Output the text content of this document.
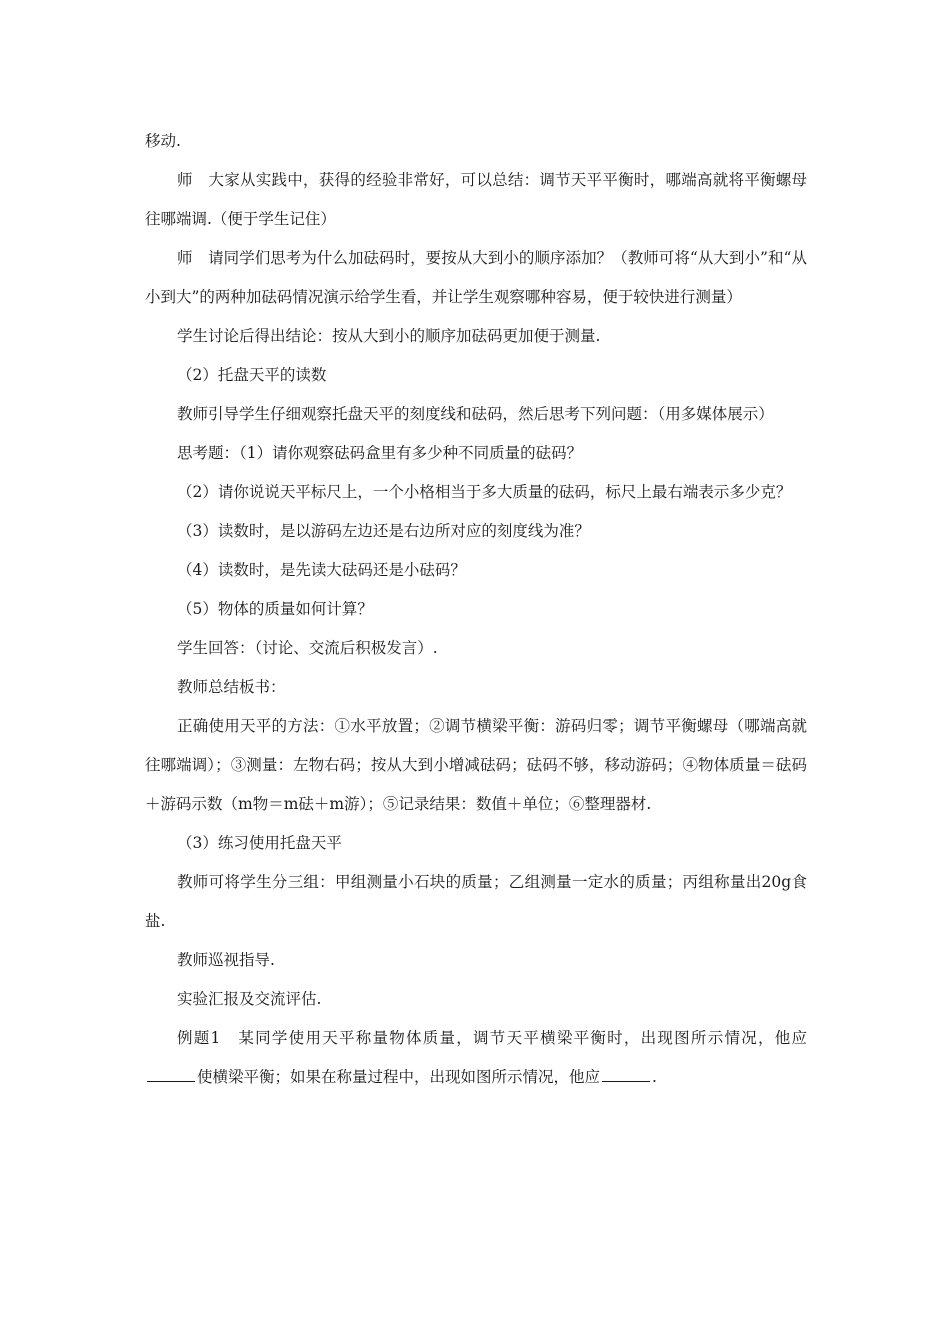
移动.

师　大家从实践中，获得的经验非常好，可以总结：调节天平平衡时，哪端高就将平衡螺母往哪端调.（便于学生记住）

师　请同学们思考为什么加砝码时，要按从大到小的顺序添加？（教师可将“从大到小”和“从小到大”的两种加砝码情况演示给学生看，并让学生观察哪种容易，便于较快进行测量）

学生讨论后得出结论：按从大到小的顺序加砝码更加便于测量.

（2）托盘天平的读数

教师引导学生仔细观察托盘天平的刻度线和砝码，然后思考下列问题：（用多媒体展示）

思考题：（1）请你观察砝码盒里有多少种不同质量的砝码？

（2）请你说说天平标尺上，一个小格相当于多大质量的砝码，标尺上最右端表示多少克？

（3）读数时，是以游码左边还是右边所对应的刻度线为准？

（4）读数时，是先读大砝码还是小砝码？

（5）物体的质量如何计算？

学生回答：（讨论、交流后积极发言）.

教师总结板书：

正确使用天平的方法：①水平放置；②调节横梁平衡：游码归零；调节平衡螺母（哪端高就往哪端调）；③测量：左物右码；按从大到小增减砝码；砝码不够，移动游码；④物体质量＝砝码＋游码示数（m物＝m砝＋m游）；⑤记录结果：数值＋单位；⑥整理器材.

（3）练习使用托盘天平

教师可将学生分三组：甲组测量小石块的质量；乙组测量一定水的质量；丙组称量出20g食盐.

教师巡视指导.

实验汇报及交流评估.

例题1　某同学使用天平称量物体质量，调节天平横梁平衡时，出现图所示情况，他应使横梁平衡；如果在称量过程中，出现如图所示情况，他应	.
